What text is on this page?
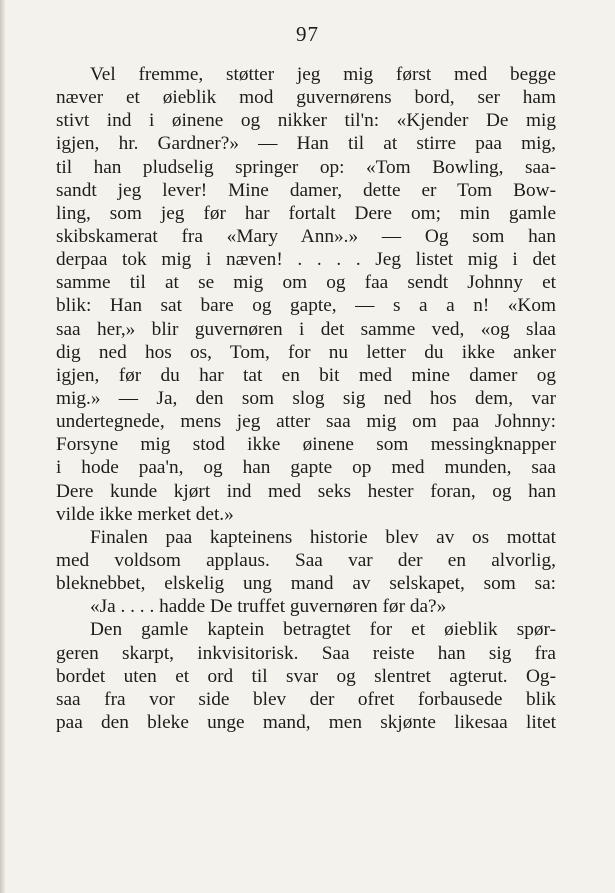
97
Vel fremme, støtter jeg mig først med begge
næver et øieblik mod guvernørens bord, ser ham
stivt ind i øinene og nikker til'n: «Kjender De mig
igjen, hr. Gardner?» — Han til at stirre paa mig,
til han pludselig springer op: «Tom Bowling, saa-
sandt jeg lever! Mine damer, dette er Tom Bow-
ling, som jeg før har fortalt Dere om; min gamle
skibskamerat fra «Mary Ann».» — Og som han
derpaa tok mig i næven! . . . . Jeg listet mig i det
samme til at se mig om og faa sendt Johnny et
blik: Han sat bare og gapte, — s a a n! «Kom
saa her,» blir guvernøren i det samme ved, «og slaa
dig ned hos os, Tom, for nu letter du ikke anker
igjen, før du har tat en bit med mine damer og
mig.» — Ja, den som slog sig ned hos dem, var
undertegnede, mens jeg atter saa mig om paa Johnny:
Forsyne mig stod ikke øinene som messingknapper
i hode paa'n, og han gapte op med munden, saa
Dere kunde kjørt ind med seks hester foran, og han
vilde ikke merket det.»
Finalen paa kapteinens historie blev av os mottat
med voldsom applaus. Saa var der en alvorlig,
bleknebbet, elskelig ung mand av selskapet, som sa:
«Ja . . . . hadde De truffet guvernøren før da?»
Den gamle kaptein betragtet for et øieblik spør-
geren skarpt, inkvisitorisk. Saa reiste han sig fra
bordet uten et ord til svar og slentret agterut. Og-
saa fra vor side blev der ofret forbausede blik
paa den bleke unge mand, men skjønte likesaa litet
